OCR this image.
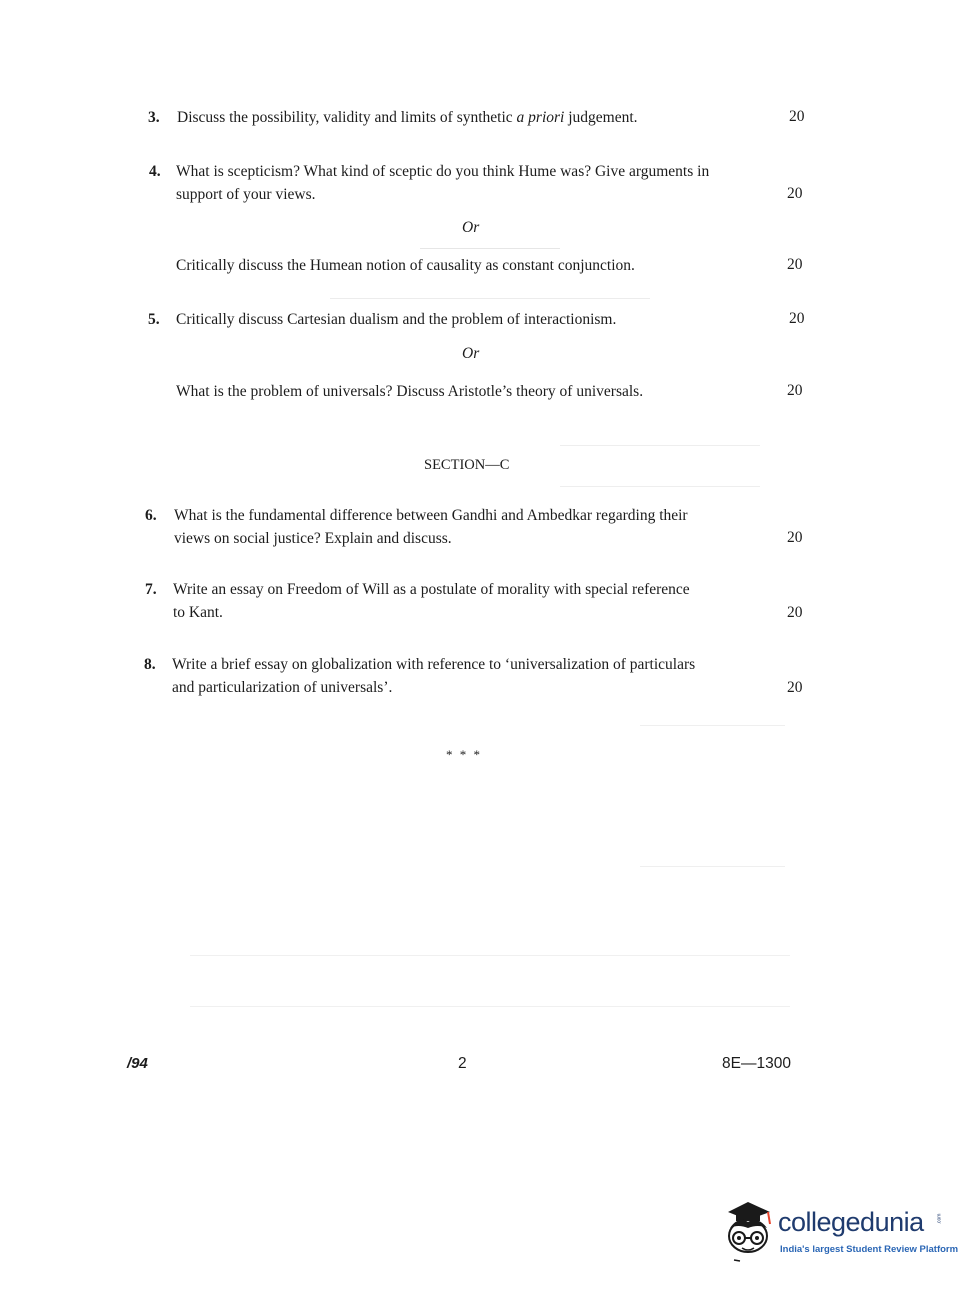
3. Discuss the possibility, validity and limits of synthetic a priori judgement.	20
4. What is scepticism? What kind of sceptic do you think Hume was? Give arguments in
support of your views.	20
Or
Critically discuss the Humean notion of causality as constant conjunction.	20
5. Critically discuss Cartesian dualism and the problem of interactionism.	20
Or
What is the problem of universals? Discuss Aristotle’s theory of universals.	20
SECTION—C
6. What is the fundamental difference between Gandhi and Ambedkar regarding their
views on social justice? Explain and discuss.	20
7. Write an essay on Freedom of Will as a postulate of morality with special reference
to Kant.	20
8. Write a brief essay on globalization with reference to ‘universalization of particulars
and particularization of universals’.	20
* * *
/94	2	8E—1300
collegedunia	.com
India's largest Student Review Platform
